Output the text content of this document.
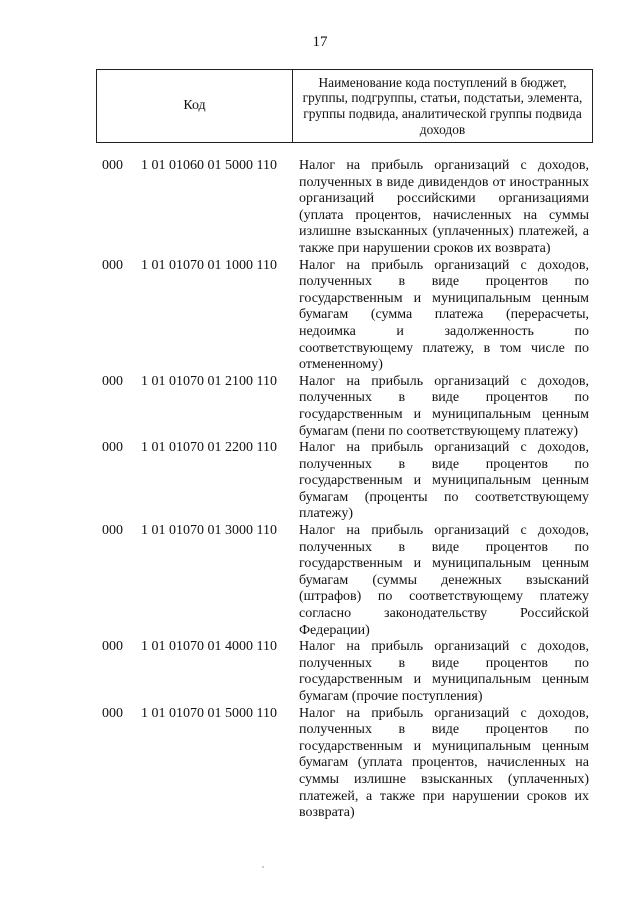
17
Код
Наименование кода поступлений в бюджет, группы, подгруппы, статьи, подстатьи, элемента, группы подвида, аналитической группы подвида доходов
000 1 01 01060 01 5000 110 Налог на прибыль организаций с доходов, полученных в виде дивидендов от иностранных организаций российскими организациями (уплата процентов, начисленных на суммы излишне взысканных (уплаченных) платежей, а также при нарушении сроков их возврата)
000 1 01 01070 01 1000 110 Налог на прибыль организаций с доходов, полученных в виде процентов по государственным и муниципальным ценным бумагам (сумма платежа (перерасчеты, недоимка и задолженность по соответствующему платежу, в том числе по отмененному)
000 1 01 01070 01 2100 110 Налог на прибыль организаций с доходов, полученных в виде процентов по государственным и муниципальным ценным бумагам (пени по соответствующему платежу)
000 1 01 01070 01 2200 110 Налог на прибыль организаций с доходов, полученных в виде процентов по государственным и муниципальным ценным бумагам (проценты по соответствующему платежу)
000 1 01 01070 01 3000 110 Налог на прибыль организаций с доходов, полученных в виде процентов по государственным и муниципальным ценным бумагам (суммы денежных взысканий (штрафов) по соответствующему платежу согласно законодательству Российской Федерации)
000 1 01 01070 01 4000 110 Налог на прибыль организаций с доходов, полученных в виде процентов по государственным и муниципальным ценным бумагам (прочие поступления)
000 1 01 01070 01 5000 110 Налог на прибыль организаций с доходов, полученных в виде процентов по государственным и муниципальным ценным бумагам (уплата процентов, начисленных на суммы излишне взысканных (уплаченных) платежей, а также при нарушении сроков их возврата)
